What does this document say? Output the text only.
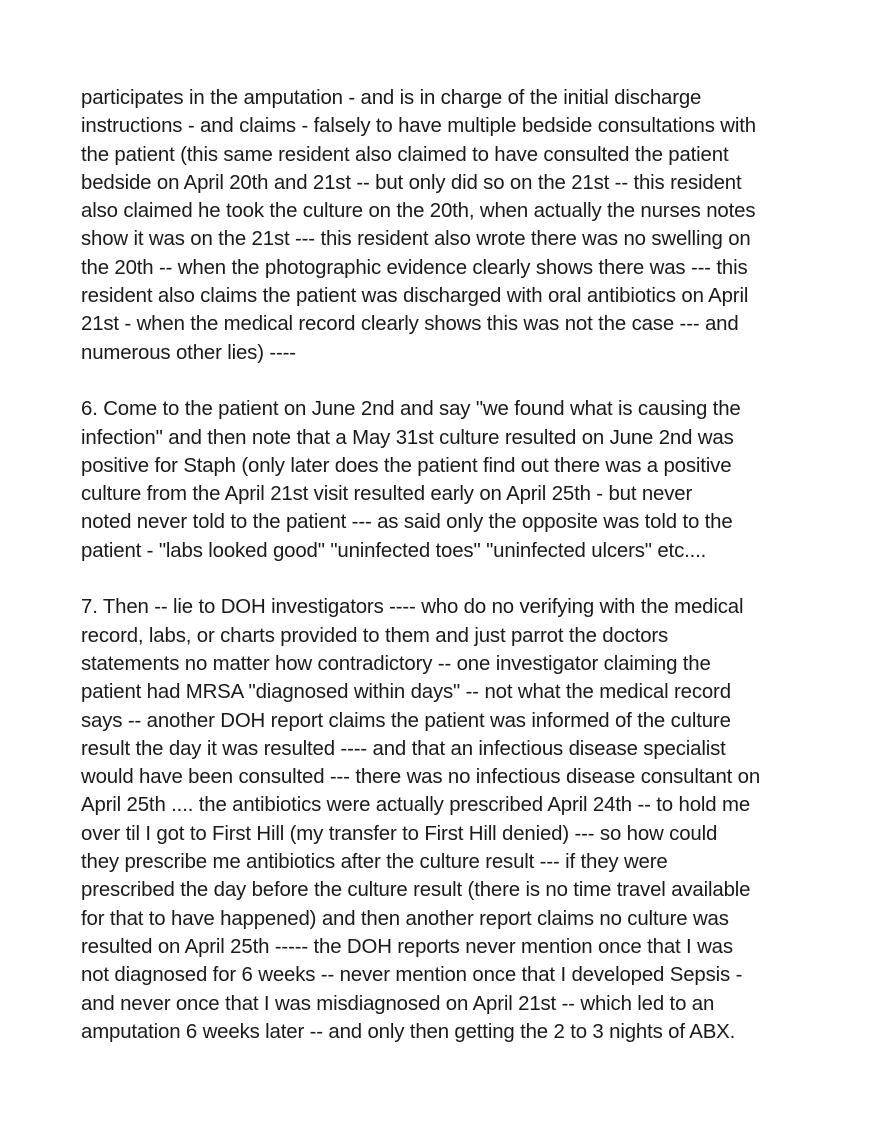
participates in the amputation - and is in charge of the initial discharge
instructions - and claims - falsely to have multiple bedside consultations with
the patient (this same resident also claimed to have consulted the patient
bedside on April 20th and 21st -- but only did so on the 21st -- this resident
also claimed he took the culture on the 20th, when actually the nurses notes
show it was on the 21st --- this resident also wrote there was no swelling on
the 20th -- when the photographic evidence clearly shows there was --- this
resident also claims the patient was discharged with oral antibiotics on April
21st - when the medical record clearly shows this was not the case --- and
numerous other lies) ----

6. Come to the patient on June 2nd and say "we found what is causing the
infection" and then note that a May 31st culture resulted on June 2nd was
positive for Staph (only later does the patient find out there was a positive
culture from the April 21st visit resulted early on April 25th - but never
noted never told to the patient --- as said only the opposite was told to the
patient - "labs looked good" "uninfected toes" "uninfected ulcers" etc....

7. Then -- lie to DOH investigators ---- who do no verifying with the medical
record, labs, or charts provided to them and just parrot the doctors
statements no matter how contradictory -- one investigator claiming the
patient had MRSA "diagnosed within days" -- not what the medical record
says -- another DOH report claims the patient was informed of the culture
result the day it was resulted ---- and that an infectious disease specialist
would have been consulted --- there was no infectious disease consultant on
April 25th .... the antibiotics were actually prescribed April 24th -- to hold me
over til I got to First Hill (my transfer to First Hill denied) --- so how could
they prescribe me antibiotics after the culture result --- if they were
prescribed the day before the culture result (there is no time travel available
for that to have happened) and then another report claims no culture was
resulted on April 25th ----- the DOH reports never mention once that I was
not diagnosed for 6 weeks -- never mention once that I developed Sepsis -
and never once that I was misdiagnosed on April 21st -- which led to an
amputation 6 weeks later -- and only then getting the 2 to 3 nights of ABX.
